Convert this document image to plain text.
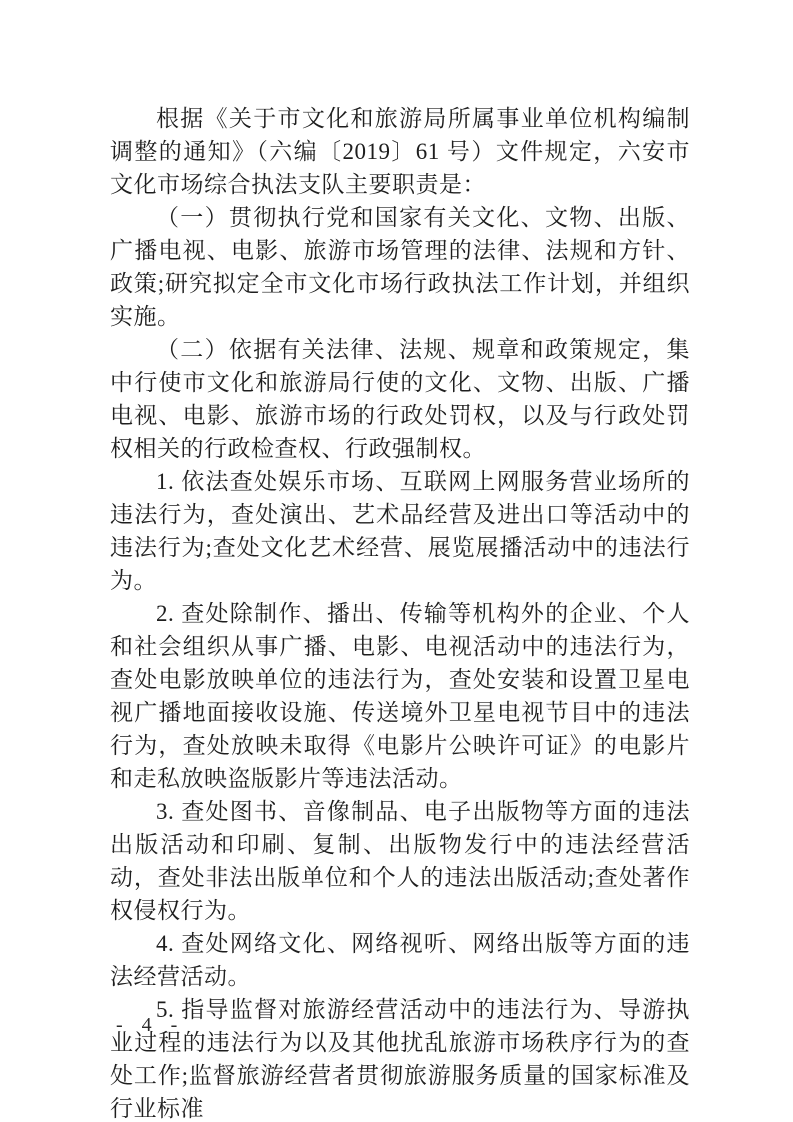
根据《关于市文化和旅游局所属事业单位机构编制调整的通知》（六编〔2019〕61 号）文件规定，六安市文化市场综合执法支队主要职责是：

（一）贯彻执行党和国家有关文化、文物、出版、广播电视、电影、旅游市场管理的法律、法规和方针、政策;研究拟定全市文化市场行政执法工作计划，并组织实施。

（二）依据有关法律、法规、规章和政策规定，集中行使市文化和旅游局行使的文化、文物、出版、广播电视、电影、旅游市场的行政处罚权，以及与行政处罚权相关的行政检查权、行政强制权。

1. 依法查处娱乐市场、互联网上网服务营业场所的违法行为，查处演出、艺术品经营及进出口等活动中的违法行为;查处文化艺术经营、展览展播活动中的违法行为。

2. 查处除制作、播出、传输等机构外的企业、个人和社会组织从事广播、电影、电视活动中的违法行为，查处电影放映单位的违法行为，查处安装和设置卫星电视广播地面接收设施、传送境外卫星电视节目中的违法行为，查处放映未取得《电影片公映许可证》的电影片和走私放映盗版影片等违法活动。

3. 查处图书、音像制品、电子出版物等方面的违法出版活动和印刷、复制、出版物发行中的违法经营活动，查处非法出版单位和个人的违法出版活动;查处著作权侵权行为。

4. 查处网络文化、网络视听、网络出版等方面的违法经营活动。

5. 指导监督对旅游经营活动中的违法行为、导游执业过程的违法行为以及其他扰乱旅游市场秩序行为的查处工作;监督旅游经营者贯彻旅游服务质量的国家标准及行业标准

- 4 -
